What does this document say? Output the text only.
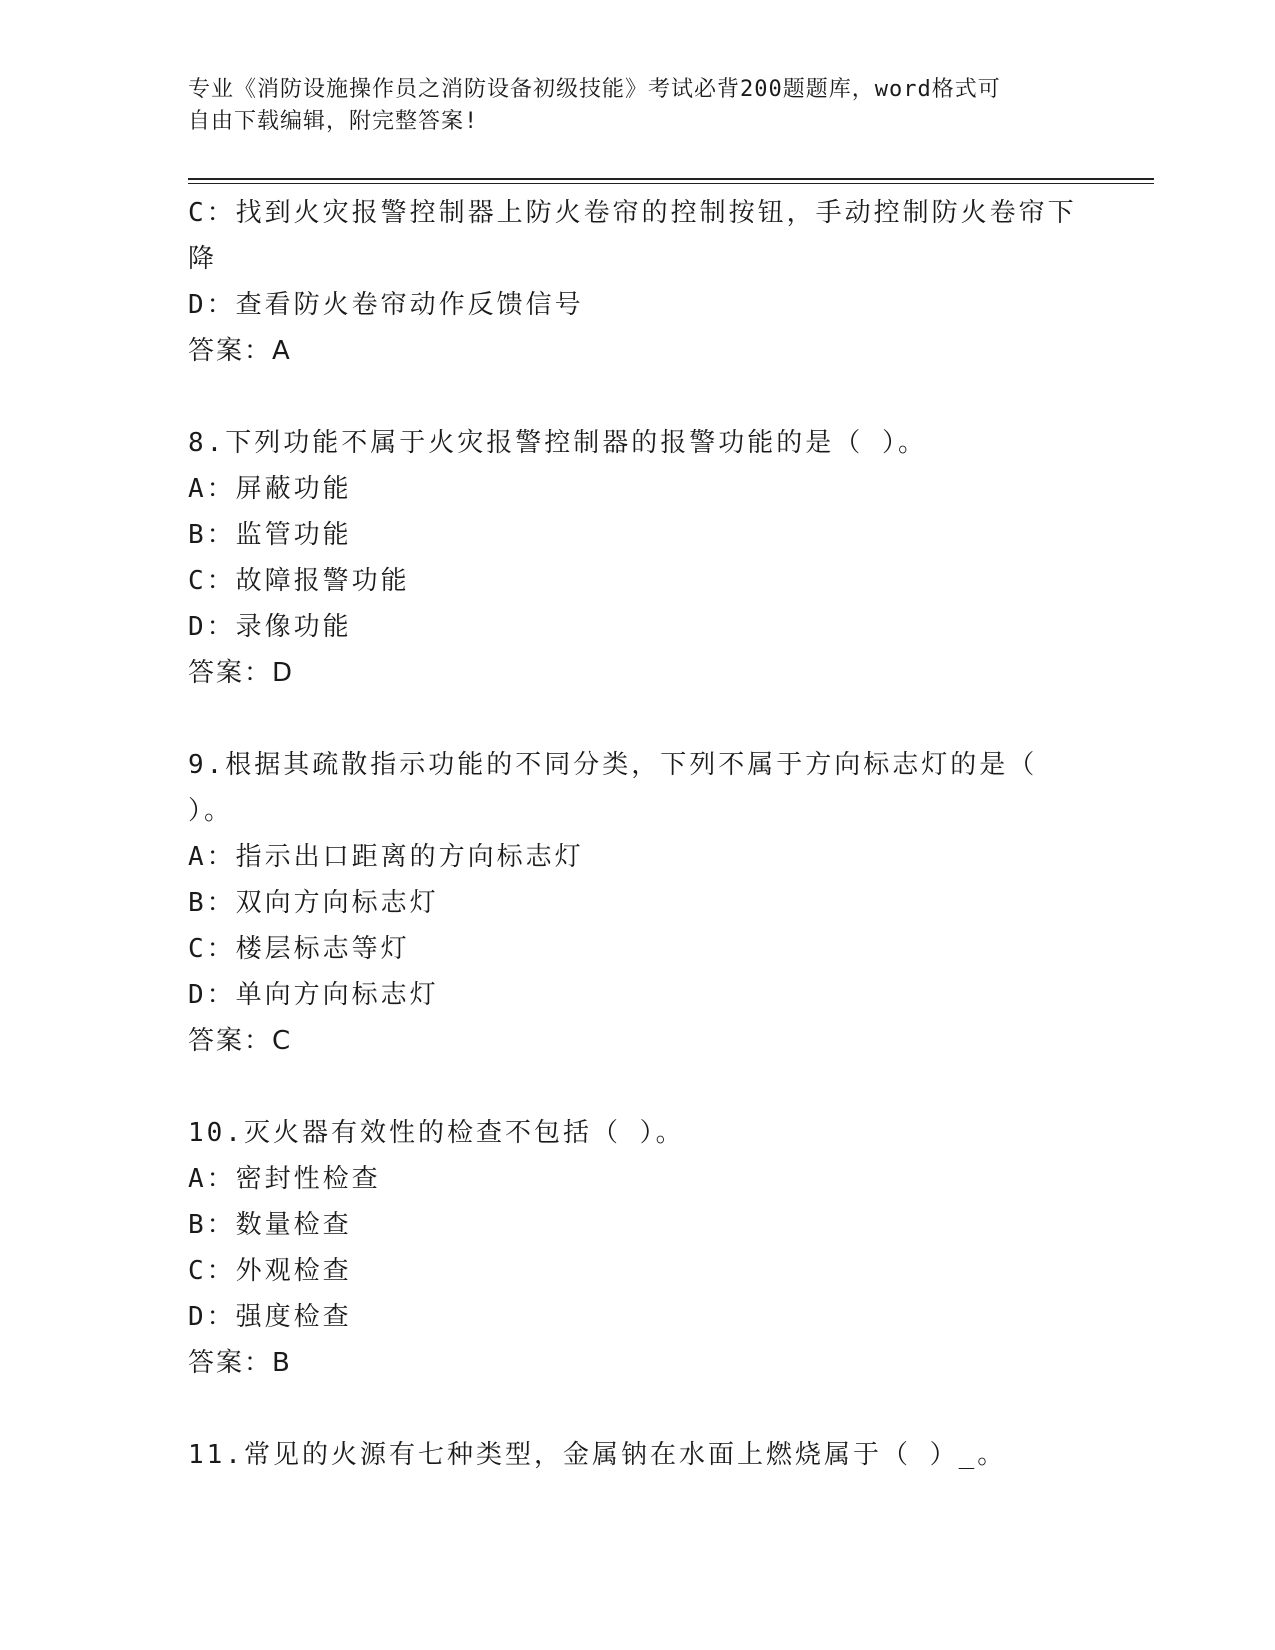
专业《消防设施操作员之消防设备初级技能》考试必背200题题库，word格式可
自由下载编辑，附完整答案!
C：找到火灾报警控制器上防火卷帘的控制按钮，手动控制防火卷帘下
降
D：查看防火卷帘动作反馈信号
答案：A
8.下列功能不属于火灾报警控制器的报警功能的是（ ）。
A：屏蔽功能
B：监管功能
C：故障报警功能
D：录像功能
答案：D
9.根据其疏散指示功能的不同分类，下列不属于方向标志灯的是（
）。
A：指示出口距离的方向标志灯
B：双向方向标志灯
C：楼层标志等灯
D：单向方向标志灯
答案：C
10.灭火器有效性的检查不包括（ ）。
A：密封性检查
B：数量检查
C：外观检查
D：强度检查
答案：B
11.常见的火源有七种类型，金属钠在水面上燃烧属于（ ）_。
